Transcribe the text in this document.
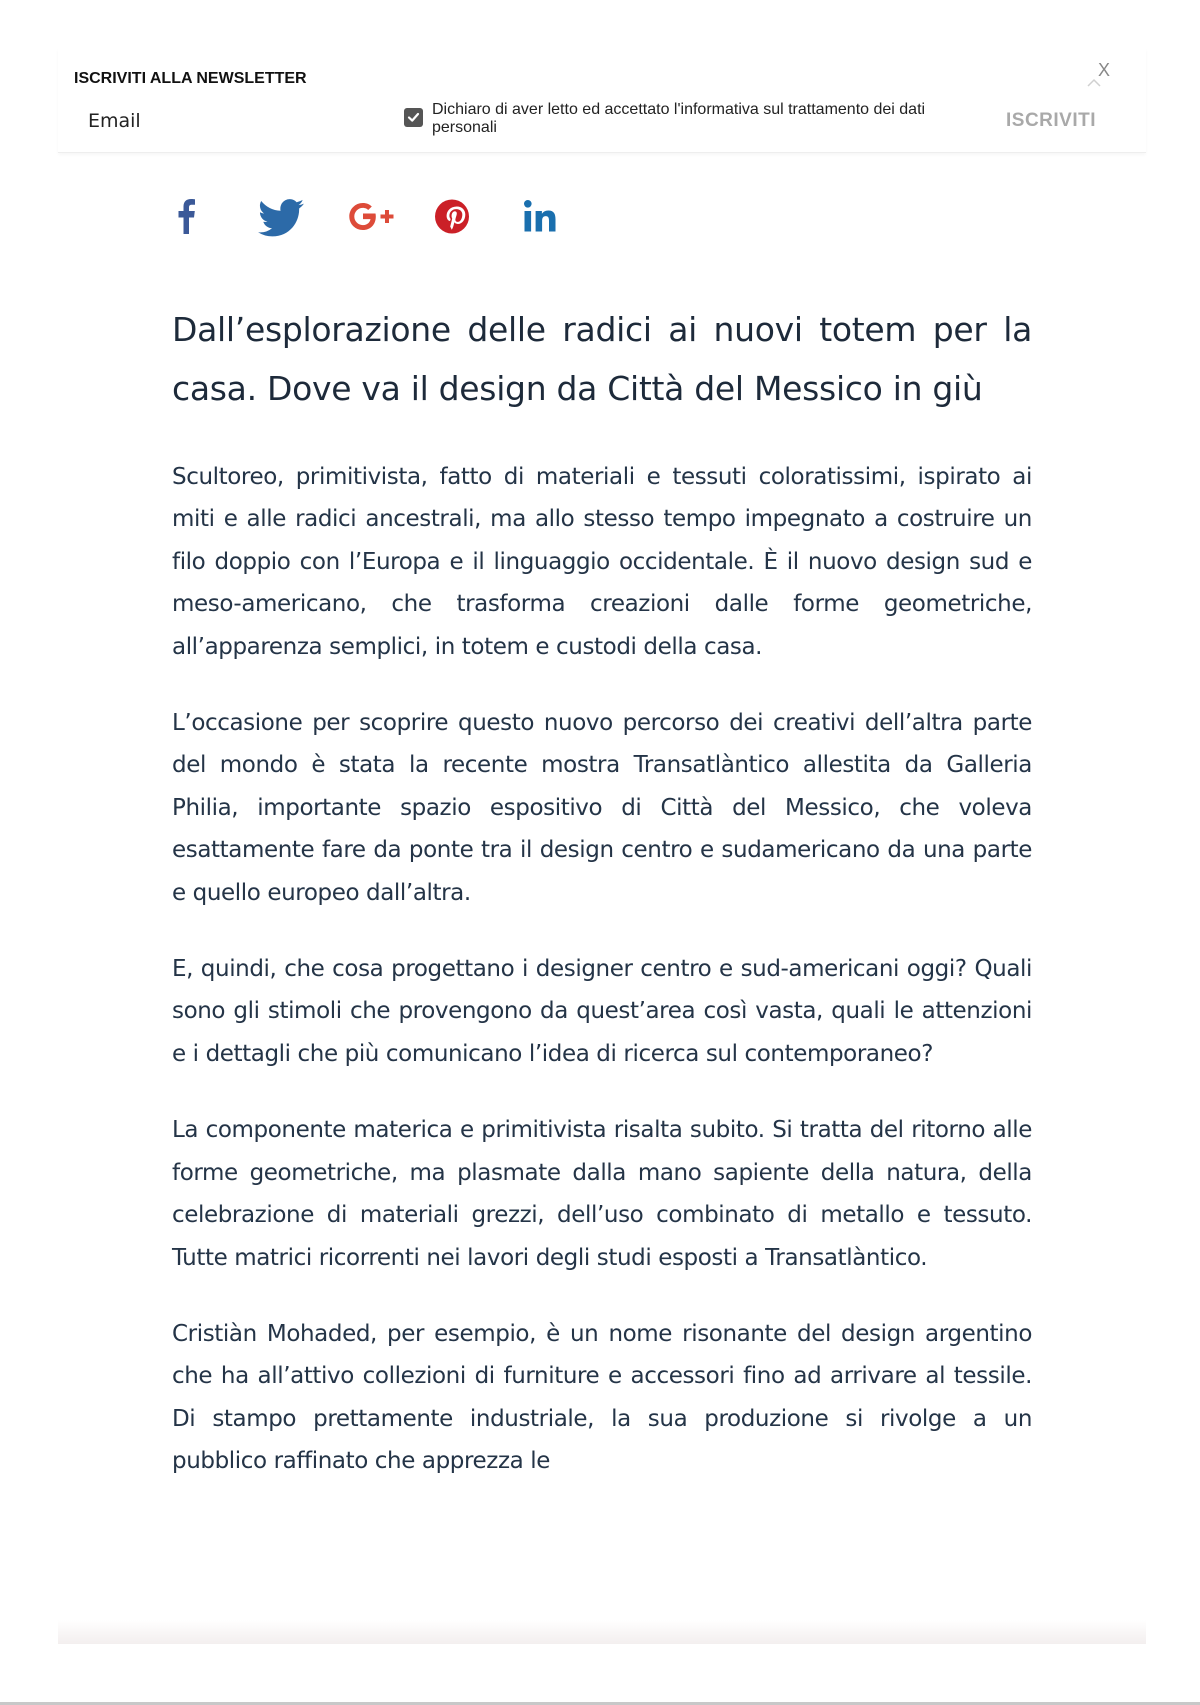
ISCRIVITI ALLA NEWSLETTER
Email
Dichiaro di aver letto ed accettato l'informativa sul trattamento dei dati personali	ISCRIVITI
X
Dall’esplorazione delle radici ai nuovi totem per la casa. Dove va il design da Città del Messico in giù

Scultoreo, primitivista, fatto di materiali e tessuti coloratissimi, ispirato ai miti e alle radici ancestrali, ma allo stesso tempo impegnato a costruire un filo doppio con l’Europa e il linguaggio occidentale. È il nuovo design sud e meso-americano, che trasforma creazioni dalle forme geometriche, all’apparenza semplici, in totem e custodi della casa.

L’occasione per scoprire questo nuovo percorso dei creativi dell’altra parte del mondo è stata la recente mostra Transatlàntico allestita da Galleria Philia, importante spazio espositivo di Città del Messico, che voleva esattamente fare da ponte tra il design centro e sudamericano da una parte e quello europeo dall’altra.

E, quindi, che cosa progettano i designer centro e sud-americani oggi? Quali sono gli stimoli che provengono da quest’area così vasta, quali le attenzioni e i dettagli che più comunicano l’idea di ricerca sul contemporaneo?

La componente materica e primitivista risalta subito. Si tratta del ritorno alle forme geometriche, ma plasmate dalla mano sapiente della natura, della celebrazione di materiali grezzi, dell’uso combinato di metallo e tessuto. Tutte matrici ricorrenti nei lavori degli studi esposti a Transatlàntico.

Cristiàn Mohaded, per esempio, è un nome risonante del design argentino che ha all’attivo collezioni di furniture e accessori fino ad arrivare al tessile. Di stampo prettamente industriale, la sua produzione si rivolge a un pubblico raffinato che apprezza le
